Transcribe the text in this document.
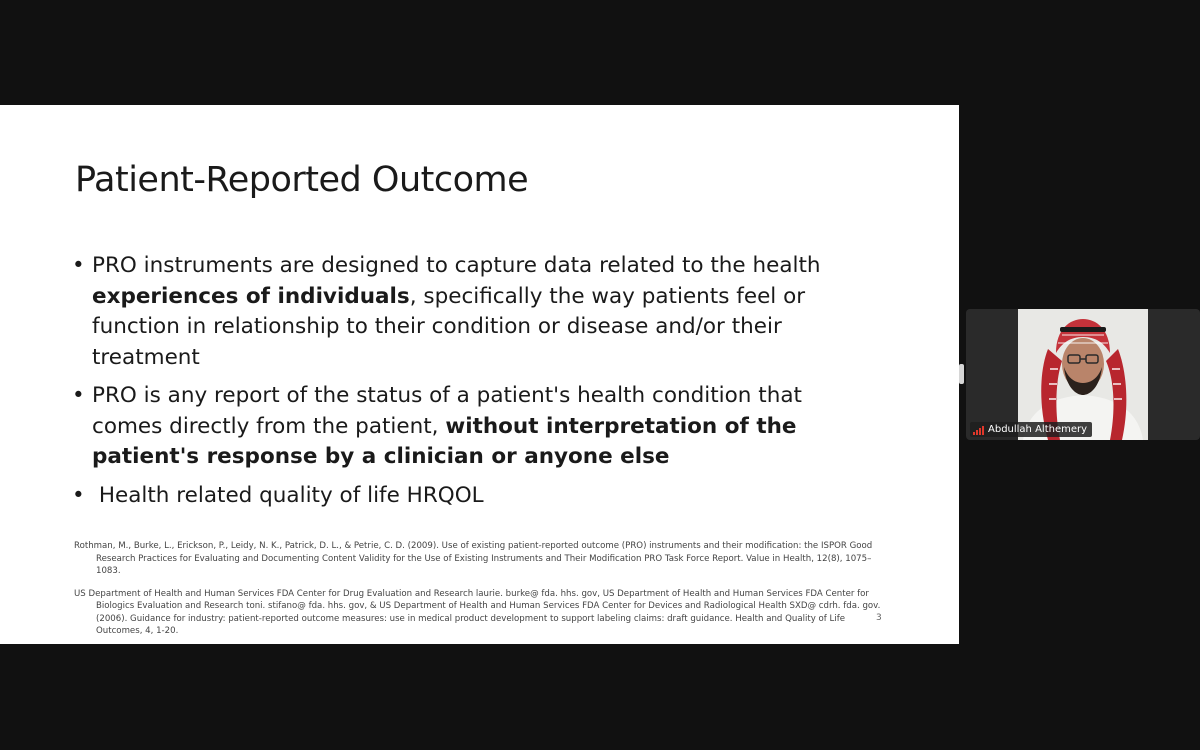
Patient-Reported Outcome
• PRO instruments are designed to capture data related to the health experiences of individuals, specifically the way patients feel or function in relationship to their condition or disease and/or their treatment
• PRO is any report of the status of a patient's health condition that comes directly from the patient, without interpretation of the patient's response by a clinician or anyone else
• Health related quality of life HRQOL

Rothman, M., Burke, L., Erickson, P., Leidy, N. K., Patrick, D. L., & Petrie, C. D. (2009). Use of existing patient-reported outcome (PRO) instruments and their modification: the ISPOR Good Research Practices for Evaluating and Documenting Content Validity for the Use of Existing Instruments and Their Modification PRO Task Force Report. Value in Health, 12(8), 1075–1083.

US Department of Health and Human Services FDA Center for Drug Evaluation and Research laurie. burke@ fda. hhs. gov, US Department of Health and Human Services FDA Center for Biologics Evaluation and Research toni. stifano@ fda. hhs. gov, & US Department of Health and Human Services FDA Center for Devices and Radiological Health SXD@ cdrh. fda. gov. (2006). Guidance for industry: patient-reported outcome measures: use in medical product development to support labeling claims: draft guidance. Health and Quality of Life Outcomes, 4, 1-20.

3
Abdullah Althemery
